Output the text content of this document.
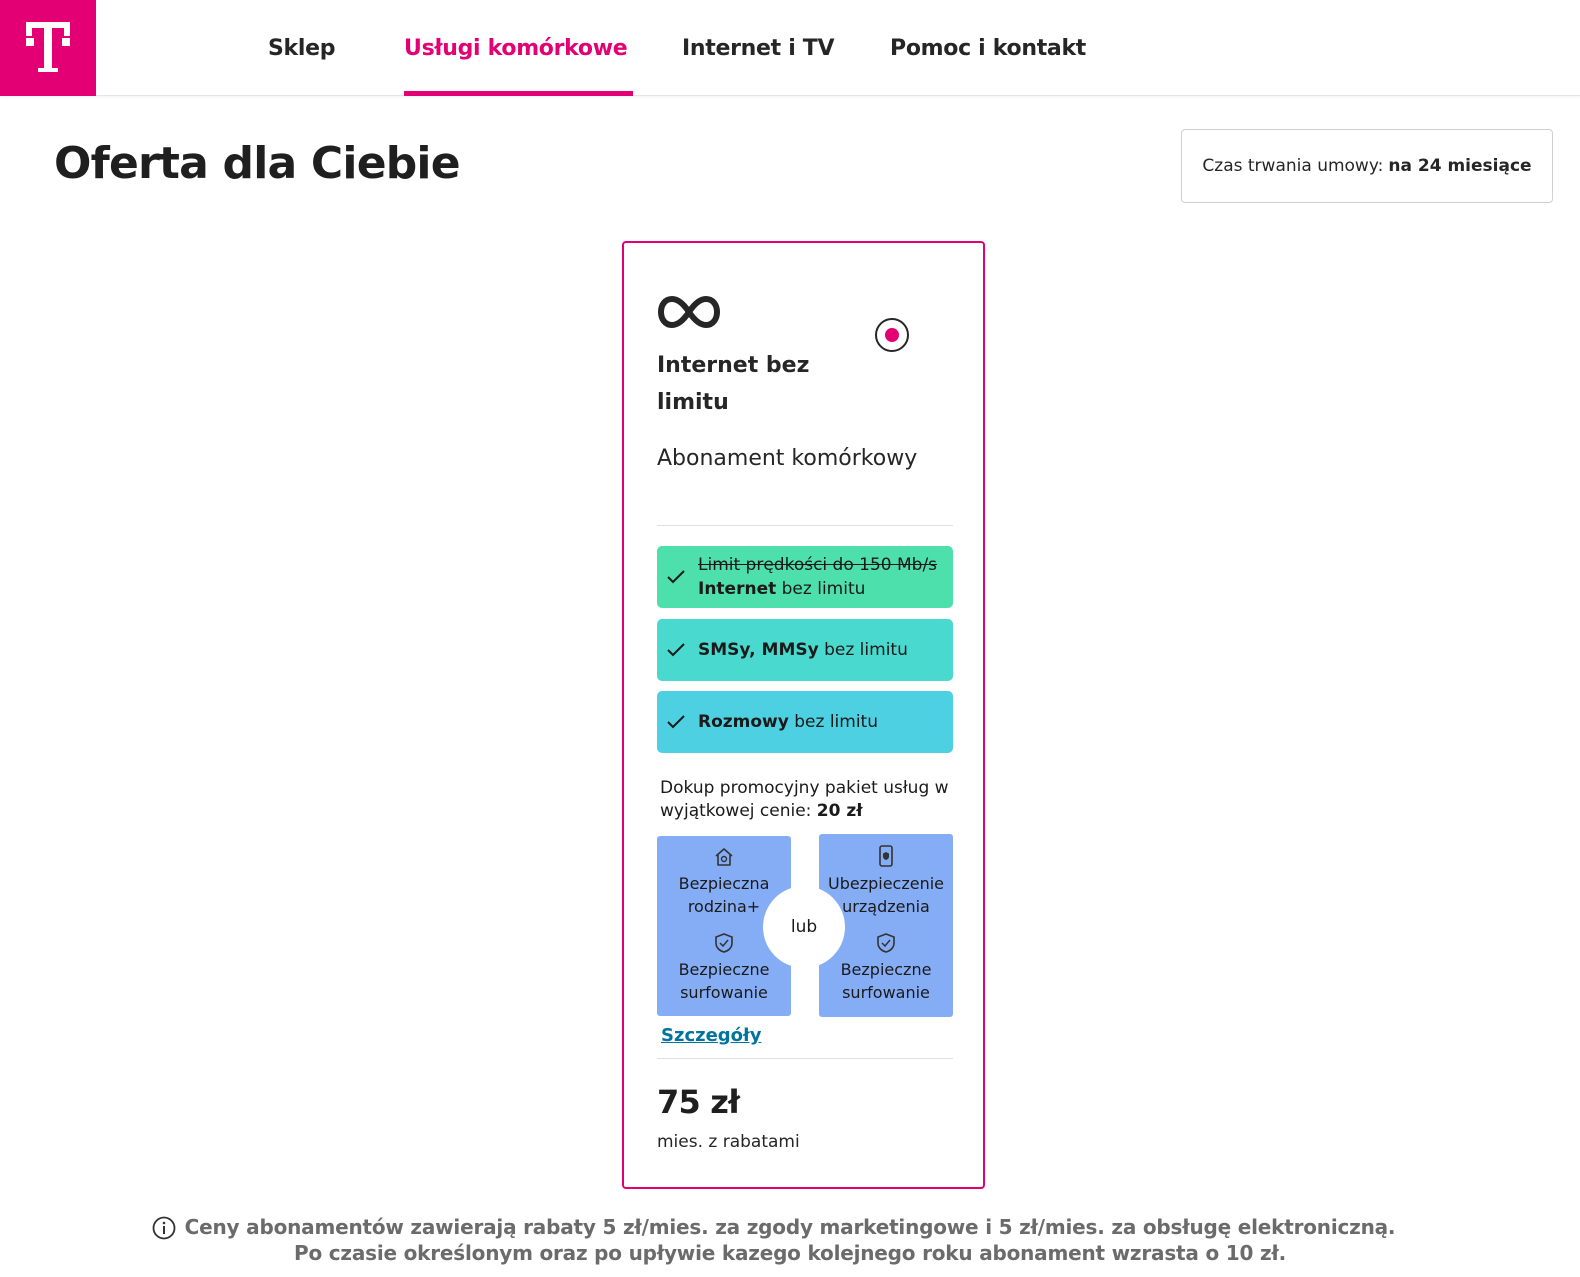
Sklep	Usługi komórkowe Internet i TV	Pomoc i kontakt
Oferta dla Ciebie	Czas trwania umowy: na 24 miesiące
Internet bez limitu
Abonament komórkowy
Limit prędkości do 150 Mb/s
Internet bez limitu
SMSy, MMSy bez limitu
Rozmowy bez limitu
Dokup promocyjny pakiet usług w wyjątkowej cenie: 20 zł
Bezpieczna rodzina+
Bezpieczne surfowanie
Ubezpieczenie urządzenia
Bezpieczne surfowanie
lub
Szczegóły
75 zł
mies. z rabatami
Ceny abonamentów zawierają rabaty 5 zł/mies. za zgody marketingowe i 5 zł/mies. za obsługę elektroniczną.
Po czasie określonym oraz po upływie kazego kolejnego roku abonament wzrasta o 10 zł.
